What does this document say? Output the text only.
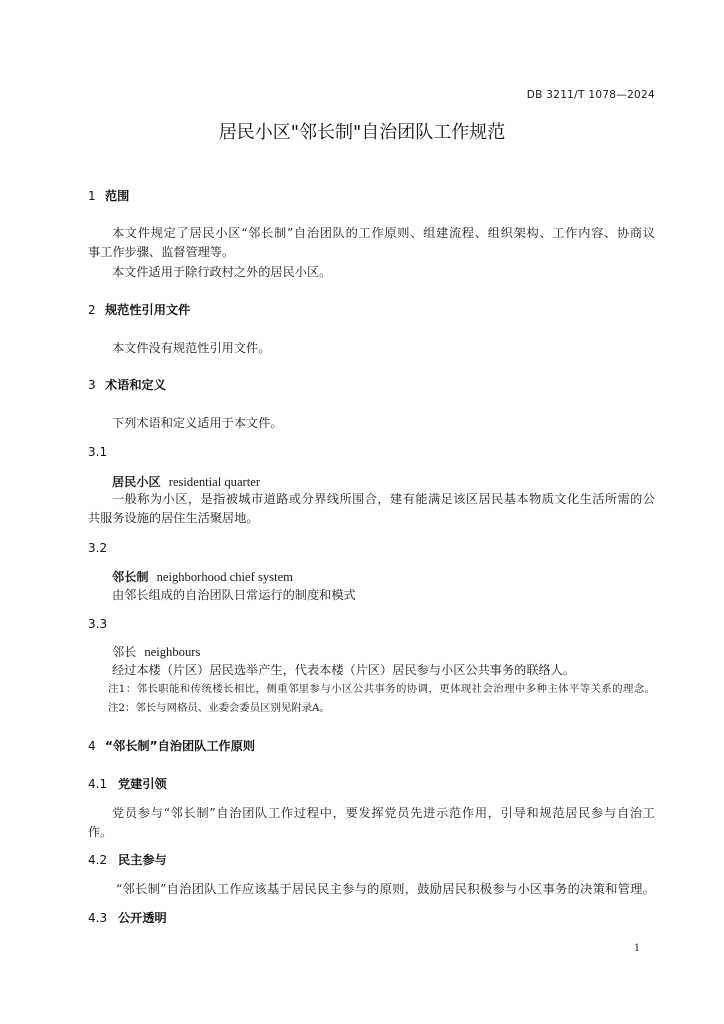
DB 3211/T 1078—2024
居民小区"邻长制"自治团队工作规范
1 范围
本文件规定了居民小区“邻长制”自治团队的工作原则、组建流程、组织架构、工作内容、协商议
事工作步骤、监督管理等。
本文件适用于除行政村之外的居民小区。
2 规范性引用文件
本文件没有规范性引用文件。
3 术语和定义
下列术语和定义适用于本文件。
3.1
居民小区 residential quarter
一般称为小区，是指被城市道路或分界线所围合，建有能满足该区居民基本物质文化生活所需的公
共服务设施的居住生活聚居地。
3.2
邻长制 neighborhood chief system
由邻长组成的自治团队日常运行的制度和模式
3.3
邻长 neighbours
经过本楼（片区）居民选举产生，代表本楼（片区）居民参与小区公共事务的联络人。
注1：邻长职能和传统楼长相比，侧重邻里参与小区公共事务的协调，更体现社会治理中多种主体平等关系的理念。
注2：邻长与网格员、业委会委员区别见附录A。
4 “邻长制”自治团队工作原则
4.1 党建引领
党员参与“邻长制”自治团队工作过程中，要发挥党员先进示范作用，引导和规范居民参与自治工
作。
4.2 民主参与
“邻长制”自治团队工作应该基于居民民主参与的原则，鼓励居民积极参与小区事务的决策和管理。
4.3 公开透明
1
